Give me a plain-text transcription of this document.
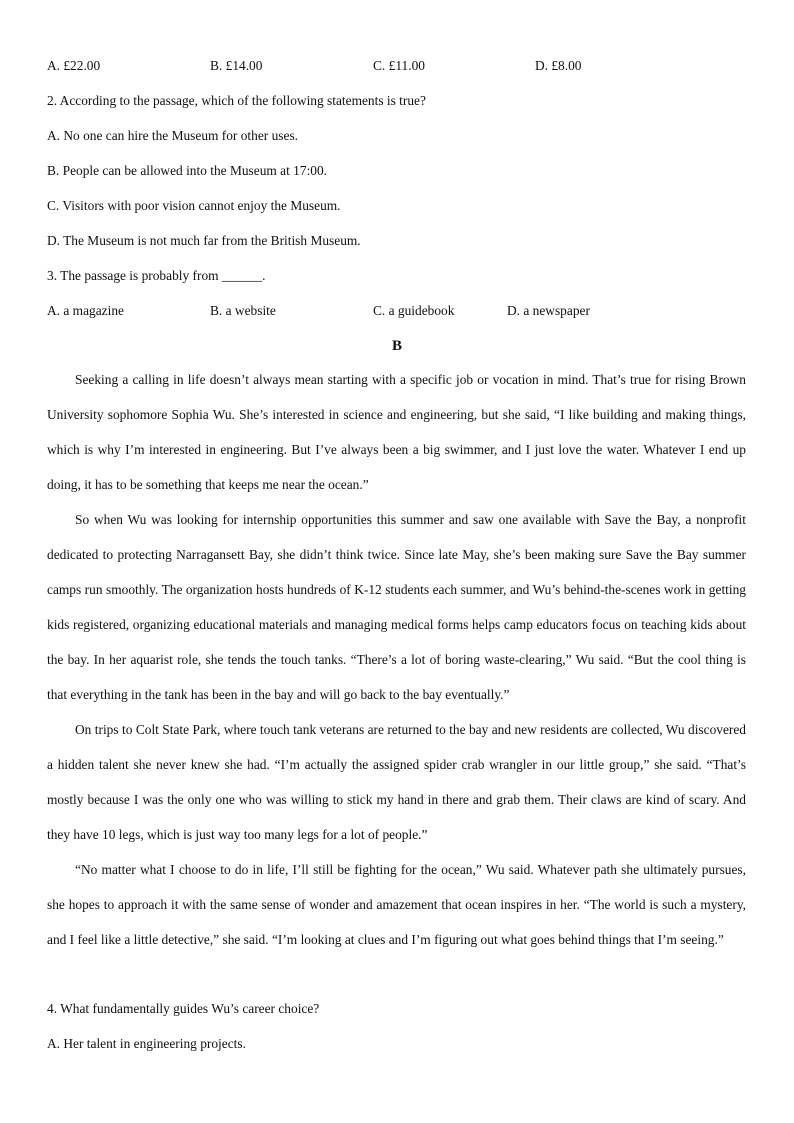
A. £22.00	B. £14.00	C. £11.00	D. £8.00
2. According to the passage, which of the following statements is true?
A. No one can hire the Museum for other uses.
B. People can be allowed into the Museum at 17:00.
C. Visitors with poor vision cannot enjoy the Museum.
D. The Museum is not much far from the British Museum.
3. The passage is probably from ______.
A. a magazine	B. a website	C. a guidebook	D. a newspaper
B

Seeking a calling in life doesn’t always mean starting with a specific job or vocation in mind. That’s true for rising Brown University sophomore Sophia Wu. She’s interested in science and engineering, but she said, “I like building and making things, which is why I’m interested in engineering. But I’ve always been a big swimmer, and I just love the water. Whatever I end up doing, it has to be something that keeps me near the ocean.”

So when Wu was looking for internship opportunities this summer and saw one available with Save the Bay, a nonprofit dedicated to protecting Narragansett Bay, she didn’t think twice. Since late May, she’s been making sure Save the Bay summer camps run smoothly. The organization hosts hundreds of K-12 students each summer, and Wu’s behind-the-scenes work in getting kids registered, organizing educational materials and managing medical forms helps camp educators focus on teaching kids about the bay. In her aquarist role, she tends the touch tanks. “There’s a lot of boring waste-clearing,” Wu said. “But the cool thing is that everything in the tank has been in the bay and will go back to the bay eventually.”

On trips to Colt State Park, where touch tank veterans are returned to the bay and new residents are collected, Wu discovered a hidden talent she never knew she had. “I’m actually the assigned spider crab wrangler in our little group,” she said. “That’s mostly because I was the only one who was willing to stick my hand in there and grab them. Their claws are kind of scary. And they have 10 legs, which is just way too many legs for a lot of people.”

“No matter what I choose to do in life, I’ll still be fighting for the ocean,” Wu said. Whatever path she ultimately pursues, she hopes to approach it with the same sense of wonder and amazement that ocean inspires in her. “The world is such a mystery, and I feel like a little detective,” she said. “I’m looking at clues and I’m figuring out what goes behind things that I’m seeing.”

4. What fundamentally guides Wu’s career choice?
A. Her talent in engineering projects.
